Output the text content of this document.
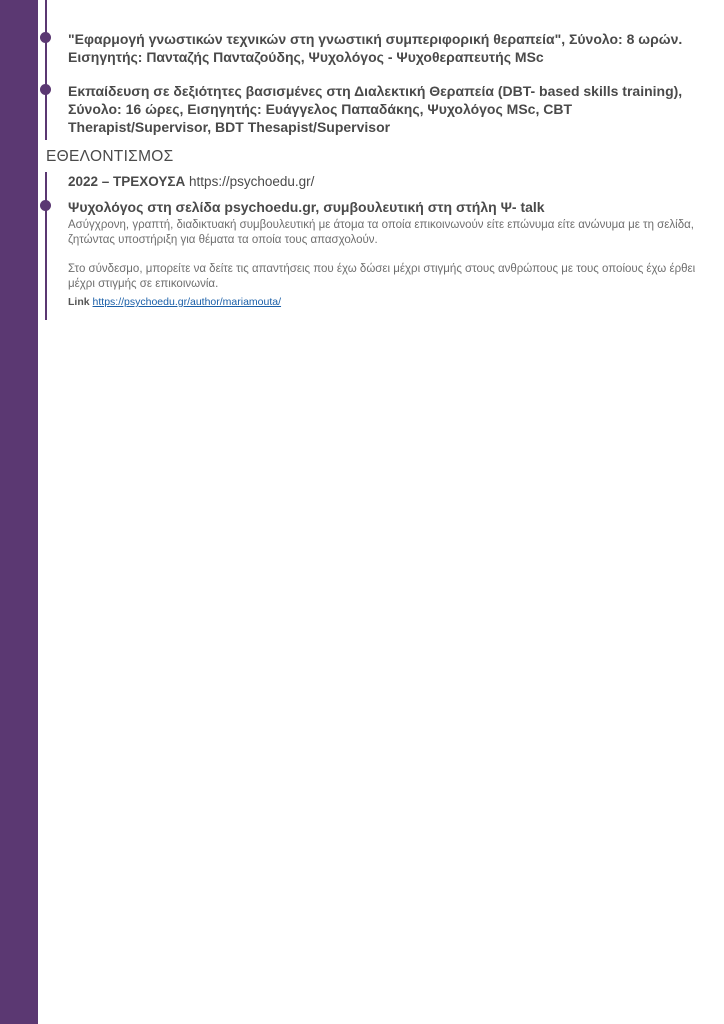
"Εφαρμογή γνωστικών τεχνικών στη γνωστική συμπεριφορική θεραπεία", Σύνολο: 8 ωρών. Εισηγητής: Πανταζής Πανταζούδης, Ψυχολόγος - Ψυχοθεραπευτής MSc
Εκπαίδευση σε δεξιότητες βασισμένες στη Διαλεκτική Θεραπεία (DBT- based skills training), Σύνολο: 16 ώρες, Εισηγητής: Ευάγγελος Παπαδάκης, Ψυχολόγος MSc, CBT Therapist/Supervisor, BDT Thesapist/Supervisor
ΕΘΕΛΟΝΤΙΣΜΟΣ
2022 – ΤΡΕΧΟΥΣΑ https://psychoedu.gr/
Ψυχολόγος στη σελίδα psychoedu.gr, συμβουλευτική στη στήλη Ψ- talk
Ασύγχρονη, γραπτή, διαδικτυακή συμβουλευτική με άτομα τα οποία επικοινωνούν είτε επώνυμα είτε ανώνυμα με τη σελίδα, ζητώντας υποστήριξη για θέματα τα οποία τους απασχολούν.
Στο σύνδεσμο, μπορείτε να δείτε τις απαντήσεις που έχω δώσει μέχρι στιγμής στους ανθρώπους με τους οποίους έχω έρθει μέχρι στιγμής σε επικοινωνία.
Link https://psychoedu.gr/author/mariamouta/
